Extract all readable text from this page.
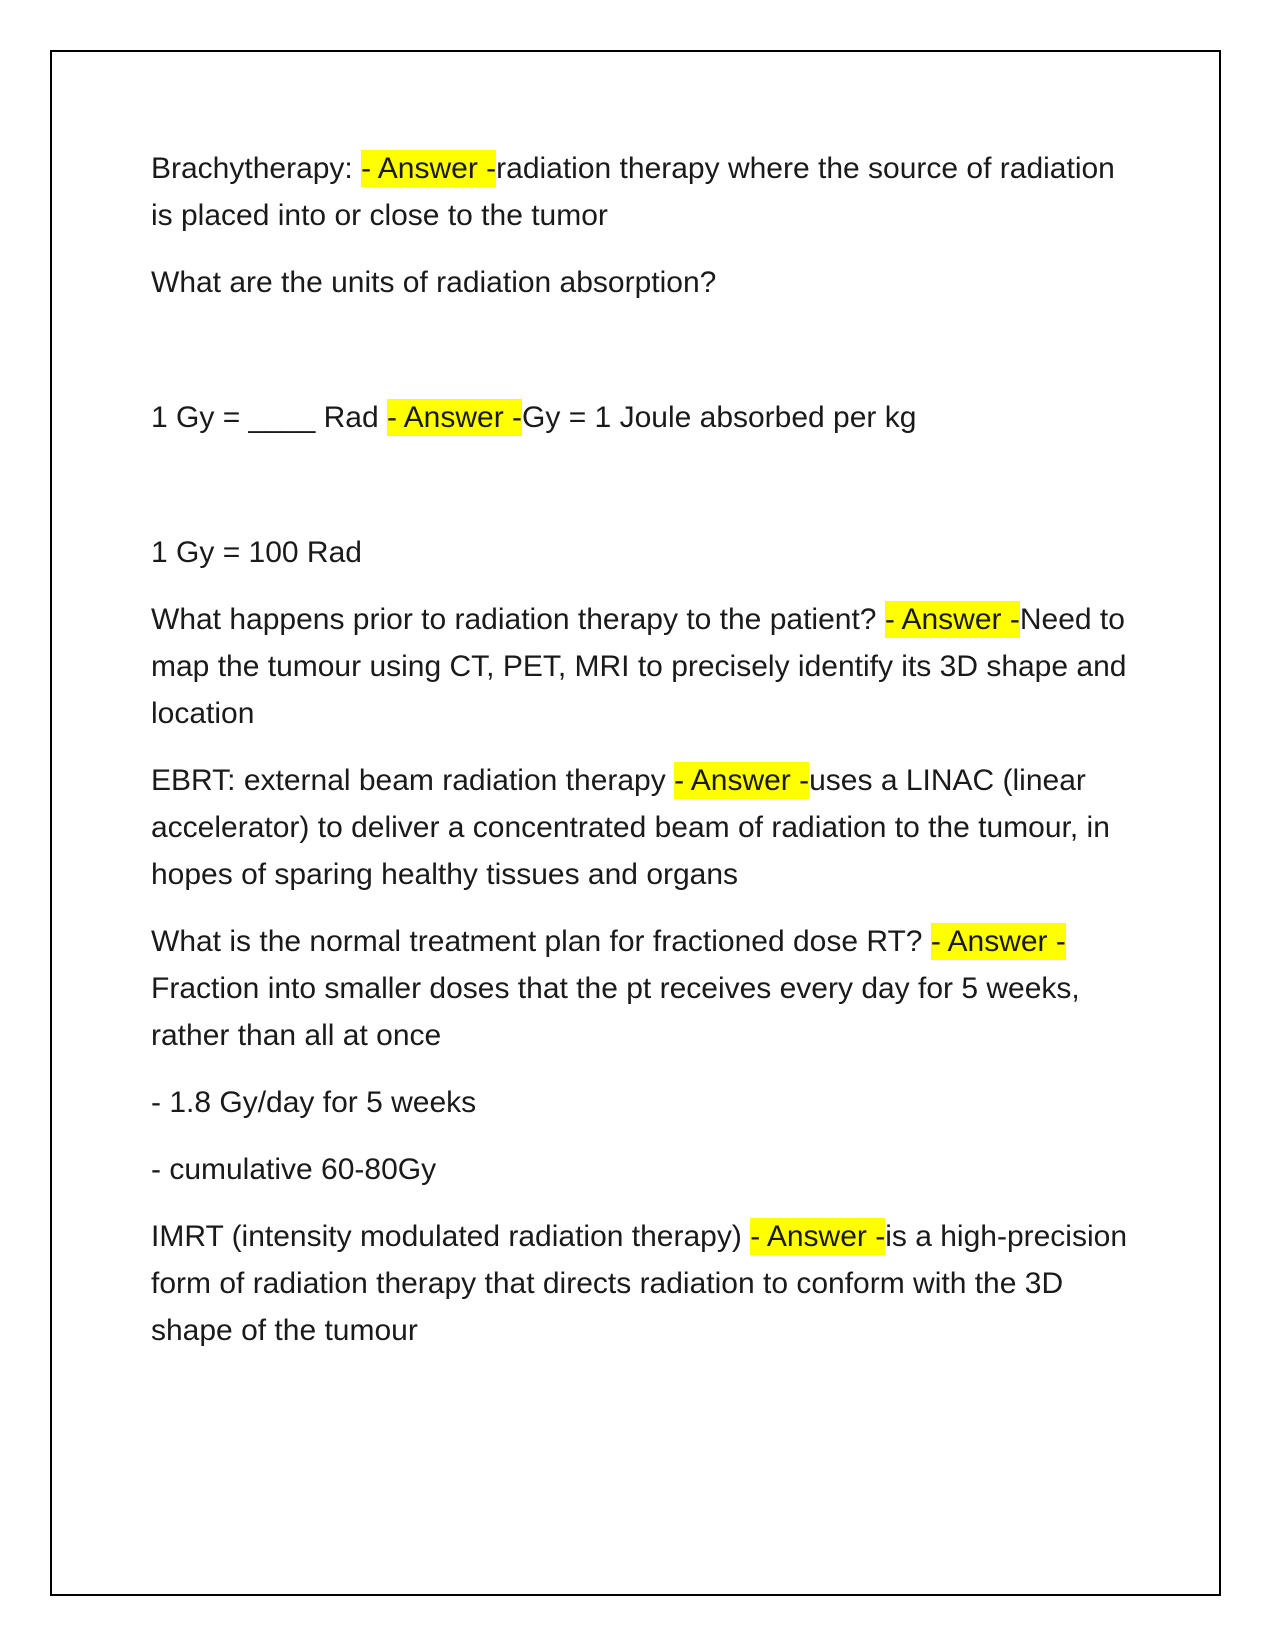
Brachytherapy: - Answer -radiation therapy where the source of radiation is placed into or close to the tumor

What are the units of radiation absorption?

1 Gy = ____ Rad - Answer -Gy = 1 Joule absorbed per kg

1 Gy = 100 Rad

What happens prior to radiation therapy to the patient? - Answer -Need to map the tumour using CT, PET, MRI to precisely identify its 3D shape and location

EBRT: external beam radiation therapy - Answer -uses a LINAC (linear accelerator) to deliver a concentrated beam of radiation to the tumour, in hopes of sparing healthy tissues and organs

What is the normal treatment plan for fractioned dose RT? - Answer -Fraction into smaller doses that the pt receives every day for 5 weeks, rather than all at once

- 1.8 Gy/day for 5 weeks

- cumulative 60-80Gy

IMRT (intensity modulated radiation therapy) - Answer -is a high-precision form of radiation therapy that directs radiation to conform with the 3D shape of the tumour
